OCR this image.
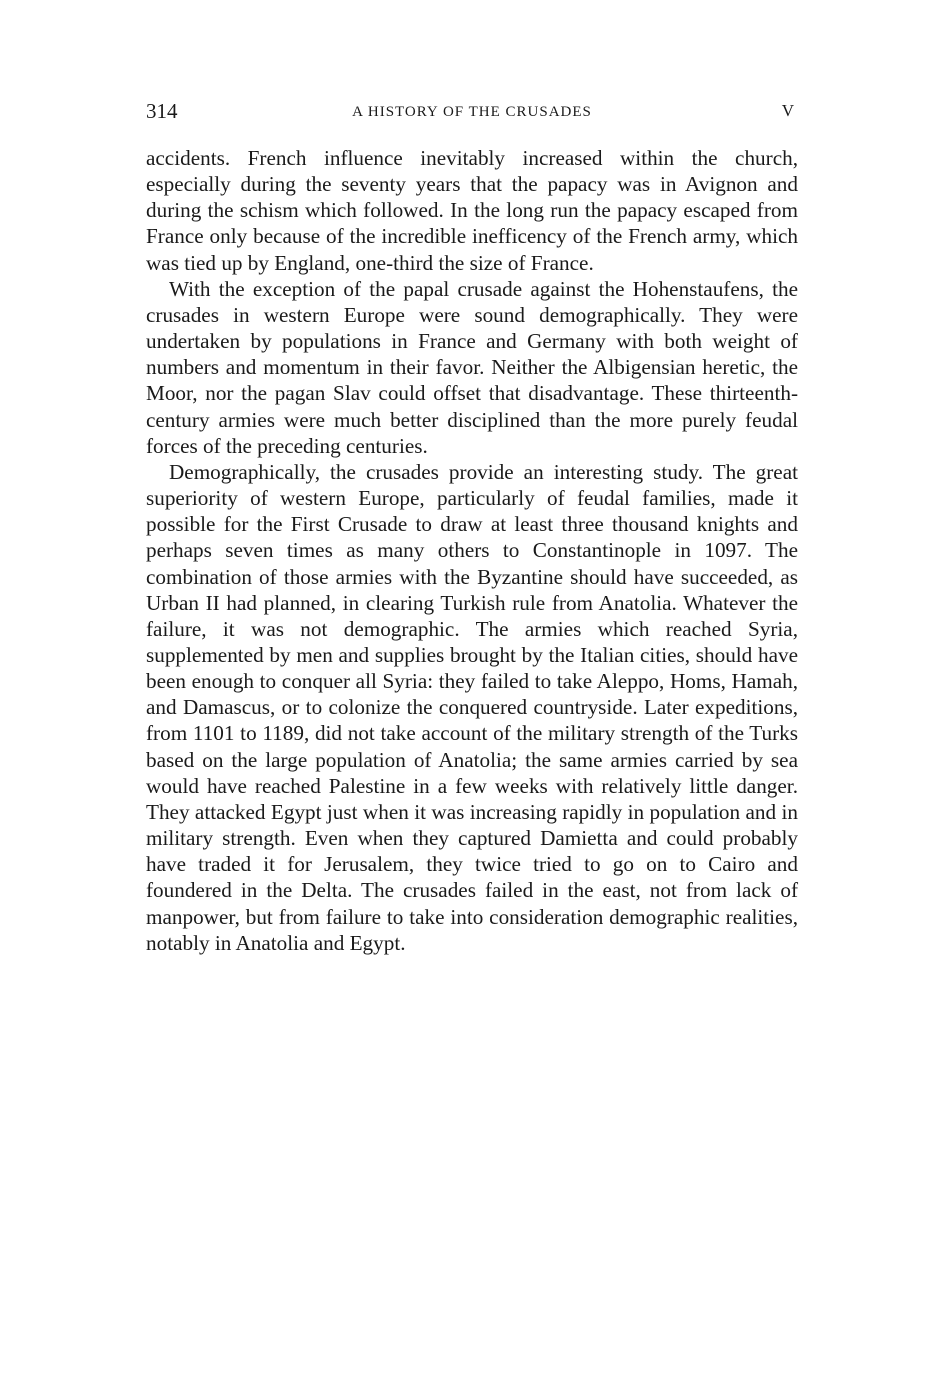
314	A HISTORY OF THE CRUSADES	V

accidents. French influence inevitably increased within the church, especially during the seventy years that the papacy was in Avignon and during the schism which followed. In the long run the papacy escaped from France only because of the incredible inefficency of the French army, which was tied up by England, one-third the size of France.

With the exception of the papal crusade against the Hohenstaufens, the crusades in western Europe were sound demographically. They were undertaken by populations in France and Germany with both weight of numbers and momentum in their favor. Neither the Albigensian heretic, the Moor, nor the pagan Slav could offset that disadvantage. These thirteenth-century armies were much better disciplined than the more purely feudal forces of the preceding centuries.

Demographically, the crusades provide an interesting study. The great superiority of western Europe, particularly of feudal families, made it possible for the First Crusade to draw at least three thousand knights and perhaps seven times as many others to Constantinople in 1097. The combination of those armies with the Byzantine should have succeeded, as Urban II had planned, in clearing Turkish rule from Anatolia. Whatever the failure, it was not demographic. The armies which reached Syria, supplemented by men and supplies brought by the Italian cities, should have been enough to conquer all Syria: they failed to take Aleppo, Homs, Hamah, and Damascus, or to colonize the conquered countryside. Later expeditions, from 1101 to 1189, did not take account of the military strength of the Turks based on the large population of Anatolia; the same armies carried by sea would have reached Palestine in a few weeks with relatively little danger. They attacked Egypt just when it was increasing rapidly in population and in military strength. Even when they captured Damietta and could probably have traded it for Jerusalem, they twice tried to go on to Cairo and foundered in the Delta. The crusades failed in the east, not from lack of manpower, but from failure to take into consideration demographic realities, notably in Anatolia and Egypt.
